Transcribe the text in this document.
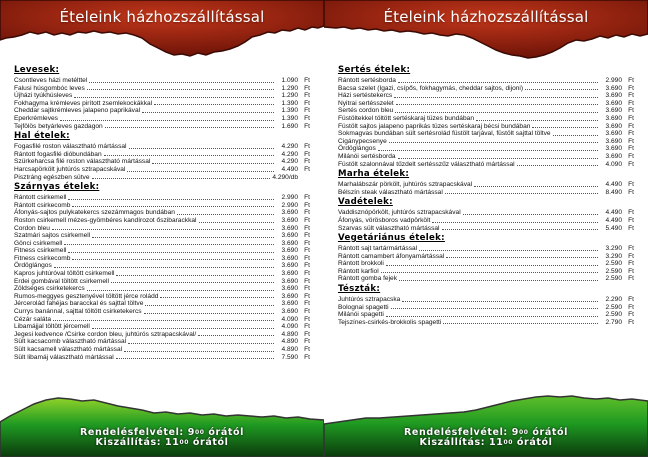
Ételeink házhozszállítással
Levesek:
Csontleves házi metélttel	1.090 Ft
Falusi húsgombóc leves	1.290 Ft
Újházi tyúkhúsleves	1.290 Ft
Fokhagyma krémleves pirított zsemlekockákkal	1.390 Ft
Cheddar sajtkrémleves jalapeno paprikával	1.390 Ft
Eperkrémleves	1.390 Ft
Tejfölös betyárleves gazdagon	1.690 Ft
Hal ételek:
Fogasfilé roston választható mártással	4.290 Ft
Rántott fogasfilé dióbundában	4.290 Ft
Szürkeharcsa filé roston választható mártással	4.290 Ft
Harcsapörkölt juhtúrós sztrapacskával	4.490 Ft
Pisztráng egészben sütve	4.290/db
Szárnyas ételek:
Rántott csirkemell	2.990 Ft
Rántott csirkecomb	2.990 Ft
Áfonyás-sajtos pulykatekercs szezámmagos bundában	3.690 Ft
Roston csirkemell mézes-gyömbéres kandírozot őszibarackkal	3.690 Ft
Cordon bleu	3.690 Ft
Szatmári sajtos csirkemell	3.690 Ft
Gönci csirkemell	3.690 Ft
Fitness csirkemell	3.690 Ft
Fitness csirkecomb	3.690 Ft
Ördöglángos	3.690 Ft
Kapros juhtúróval töltött csirkemell	3.690 Ft
Erdei gombával töltött csirkemell	3.690 Ft
Zöldséges csirketekercs	3.690 Ft
Rumos-meggyes gesztenyével töltött jérce roládd	3.690 Ft
Jércerolád fahéjas baracckal és sajttal töltve	3.690 Ft
Currys banánnal, sajttal töltött csirketekercs	3.690 Ft
Cézár saláta	4.090 Ft
Libamájjal töltött jércemell	4.090 Ft
Jegesi kedvence /Csirke cordon bleu, juhtúrós sztrapacskával/	4.890 Ft
Sült kacsacomb választható mártással	4.890 Ft
Sült kacsamell választható mártással	4.890 Ft
Sült libamáj választható mártással	7.590 Ft
Rendelésfelvétel: $9^{00}$ órától
Kiszállítás: $11^{00}$ órától
Ételeink házhozszállítással
Sertés ételek:
Rántott sertésborda	2.990 Ft
Bacsa szelet (Igazi, csípős, fokhagymás, cheddar sajtos, dijoni)	3.690 Ft
Házi sertéstekercs	3.690 Ft
Nyitrai sertésszelet	3.690 Ft
Sertés cordon bleu	3.690 Ft
Füstöltekkel töltött sertéskaraj tüzes bundában	3.690 Ft
Füstölt sajtos jalapeno paprikás tüzes sertéskaraj bécsi bundában	3.690 Ft
Sokmagvas bundában sült sertésrolád füstölt tarjával, füstölt sajttal töltve	3.690 Ft
Cigánypecsenye	3.690 Ft
Ördöglángos	3.690 Ft
Milánói sertésborda	3.690 Ft
Füstölt szalonnával tűzdelt sertésszűz választható mártással	4.090 Ft
Marha ételek:
Marhalábszár pörkölt, juhtúrós sztrapacskával	4.490 Ft
Bélszín steak választható mártással	8.490 Ft
Vadételek:
Vaddisznópörkölt, juhtúrós sztrapacskával	4.490 Ft
Áfonyás, vörösboros vadpörkölt	4.490 Ft
Szarvas sült választható mártással	5.490 Ft
Vegetáriánus ételek:
Rántott sajt tartármártással	3.290 Ft
Rántott camambert áfonyamártással	3.290 Ft
Rántott brokkoli	2.590 Ft
Rántott karfiol	2.590 Ft
Rántott gomba fejek	2.590 Ft
Tészták:
Juhtúrós sztrapacska	2.290 Ft
Bolognai spagetti	2.590 Ft
Milánói spagetti	2.590 Ft
Tejszínes-csirkés-brokkolis spagetti	2.790 Ft
Rendelésfelvétel: $9^{00}$ órától
Kiszállítás: $11^{00}$ órától
